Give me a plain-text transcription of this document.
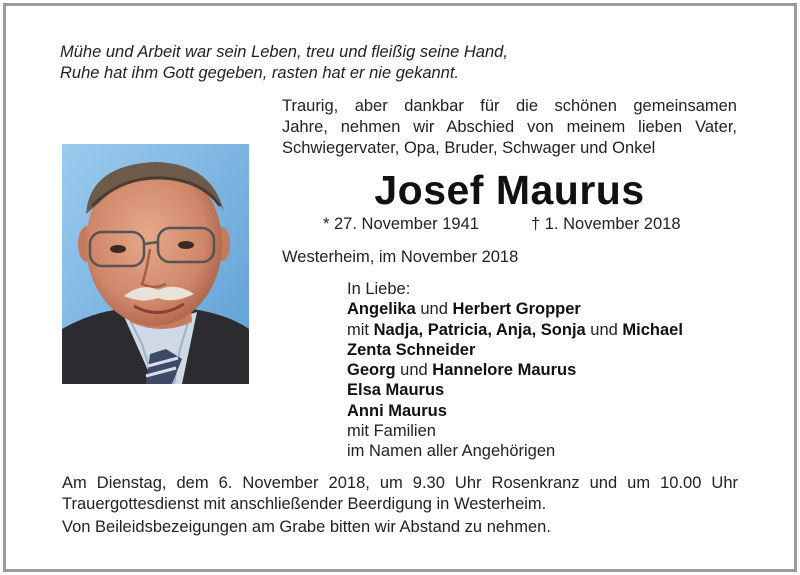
Mühe und Arbeit war sein Leben, treu und fleißig seine Hand,
Ruhe hat ihm Gott gegeben, rasten hat er nie gekannt.
Traurig, aber dankbar für die schönen gemeinsamen
Jahre, nehmen wir Abschied von meinem lieben Vater,
Schwiegervater, Opa, Bruder, Schwager und Onkel
Josef Maurus
* 27. November 1941	† 1. November 2018
Westerheim, im November 2018
In Liebe:
Angelika und Herbert Gropper
mit Nadja, Patricia, Anja, Sonja und Michael
Zenta Schneider
Georg und Hannelore Maurus
Elsa Maurus
Anni Maurus
mit Familien
im Namen aller Angehörigen
Am Dienstag, dem 6. November 2018, um 9.30 Uhr Rosenkranz und um 10.00 Uhr
Trauergottesdienst mit anschließender Beerdigung in Westerheim.
Von Beileidsbezeigungen am Grabe bitten wir Abstand zu nehmen.
